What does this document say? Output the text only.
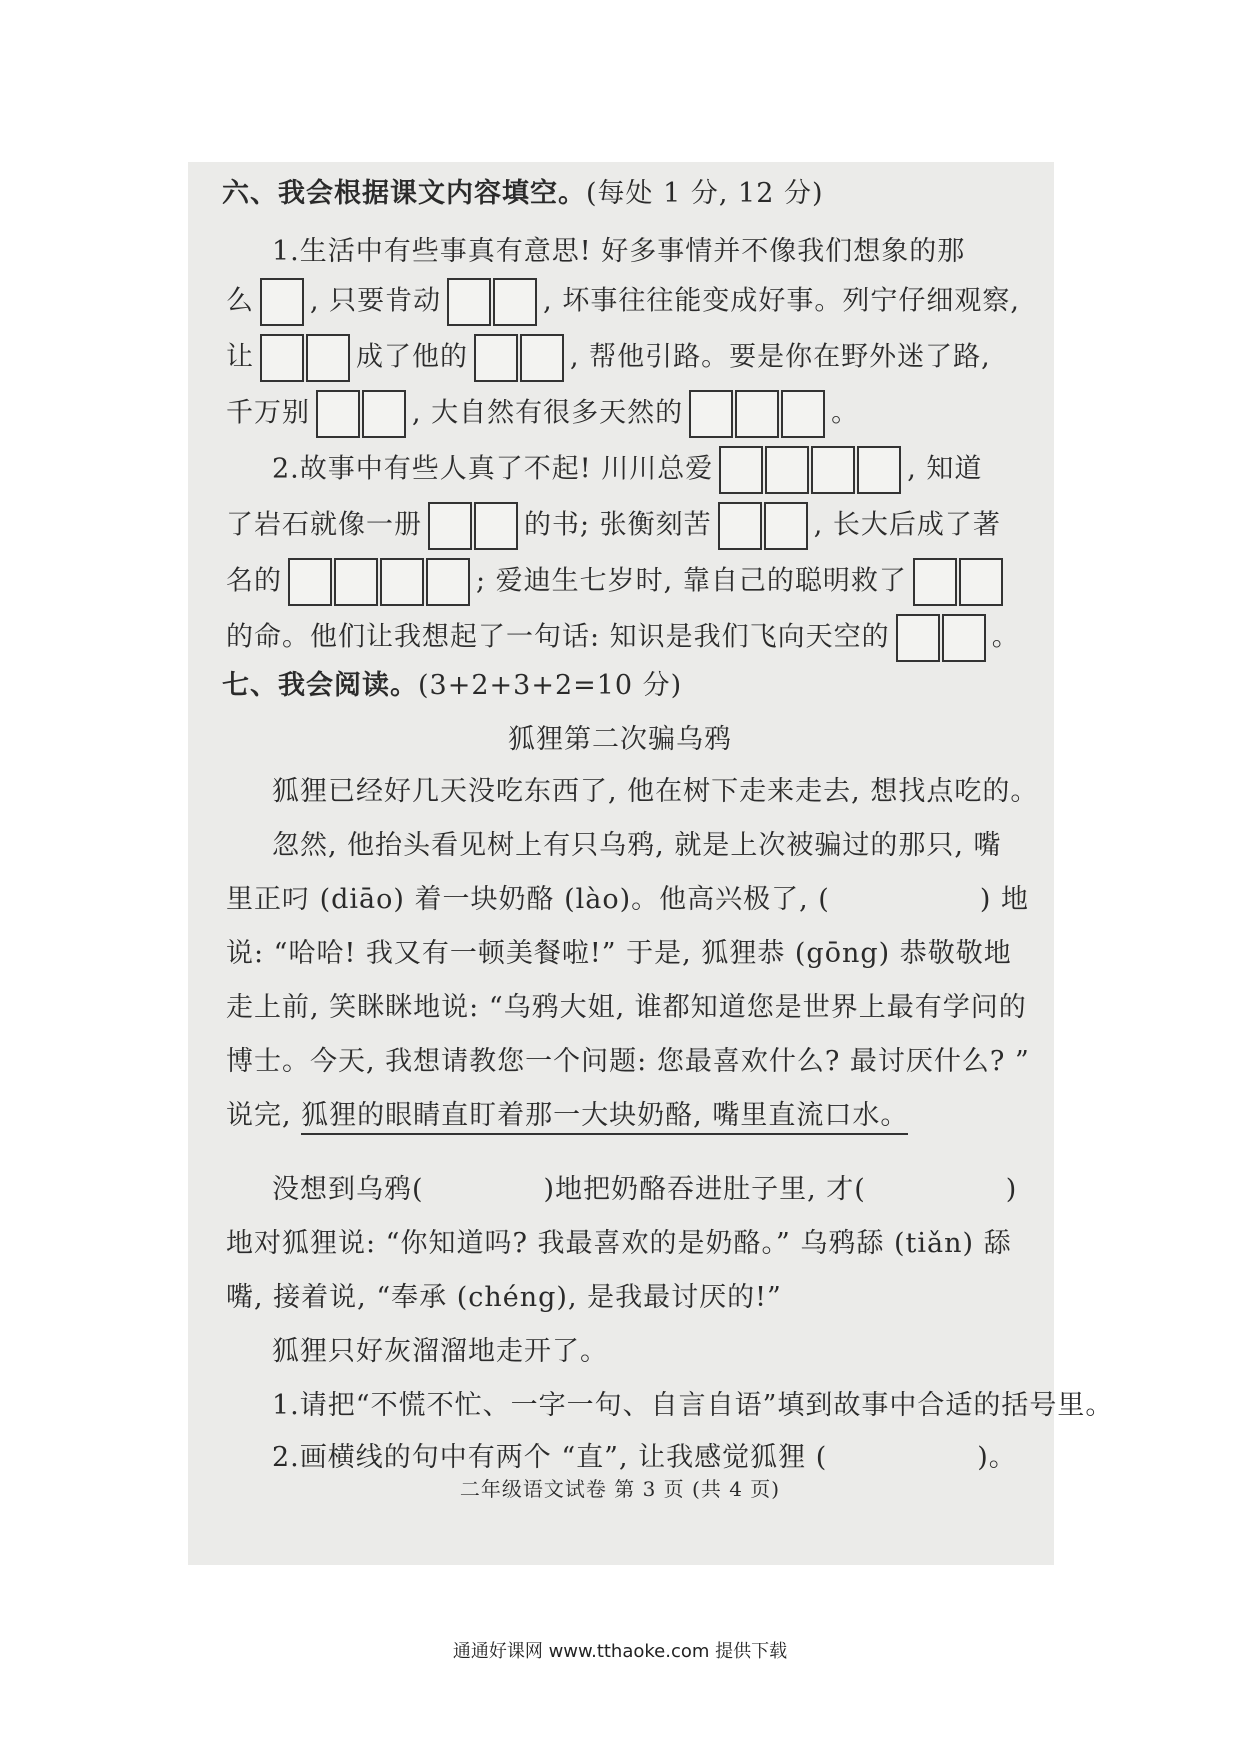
六、我会根据课文内容填空。(每处 1 分, 12 分)
1.生活中有些事真有意思! 好多事情并不像我们想象的那
么 , 只要肯动	, 坏事往往能变成好事。列宁仔细观察,
让	成了他的	, 帮他引路。要是你在野外迷了路,
千万别	, 大自然有很多天然的	。
2.故事中有些人真了不起! 川川总爱	, 知道
了岩石就像一册	的书; 张衡刻苦	, 长大后成了著
名的	; 爱迪生七岁时, 靠自己的聪明救了
的命。他们让我想起了一句话: 知识是我们飞向天空的	。
七、我会阅读。(3+2+3+2=10 分)
狐狸第二次骗乌鸦
狐狸已经好几天没吃东西了, 他在树下走来走去, 想找点吃的。
忽然, 他抬头看见树上有只乌鸦, 就是上次被骗过的那只, 嘴
里正叼 (diāo) 着一块奶酪 (lào)。他高兴极了, (	) 地
说: “哈哈! 我又有一顿美餐啦!” 于是, 狐狸恭 (gōng) 恭敬敬地
走上前, 笑眯眯地说: “乌鸦大姐, 谁都知道您是世界上最有学问的
博士。今天, 我想请教您一个问题: 您最喜欢什么? 最讨厌什么? ”
说完, 狐狸的眼睛直盯着那一大块奶酪, 嘴里直流口水。
没想到乌鸦(	)地把奶酪吞进肚子里, 才(	)
地对狐狸说: “你知道吗? 我最喜欢的是奶酪。” 乌鸦舔 (tiǎn) 舔
嘴, 接着说, “奉承 (chéng), 是我最讨厌的!”
狐狸只好灰溜溜地走开了。
1.请把“不慌不忙、一字一句、自言自语”填到故事中合适的括号里。
2.画横线的句中有两个 “直”, 让我感觉狐狸 (	)。
二年级语文试卷 第 3 页 (共 4 页)
通通好课网 www.tthaoke.com 提供下载
